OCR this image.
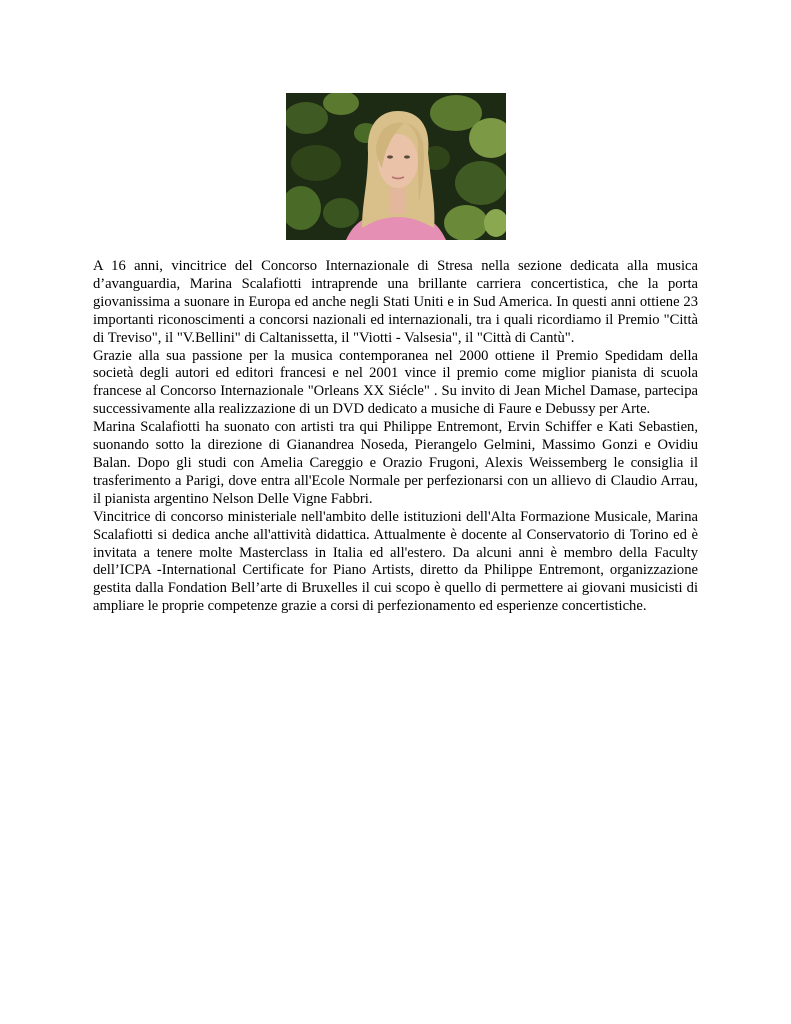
A 16 anni, vincitrice del Concorso Internazionale di Stresa nella sezione dedicata alla musica d’avanguardia, Marina Scalafiotti intraprende una brillante carriera concertistica, che la porta giovanissima a suonare in Europa ed anche negli Stati Uniti e in Sud America. In questi anni ottiene 23 importanti riconoscimenti a concorsi nazionali ed internazionali, tra i quali ricordiamo il Premio "Città di Treviso", il "V.Bellini" di Caltanissetta, il "Viotti - Valsesia", il "Città di Cantù".

Grazie alla sua passione per la musica contemporanea nel 2000 ottiene il Premio Spedidam della società degli autori ed editori francesi e nel 2001 vince il premio come miglior pianista di scuola francese al Concorso Internazionale "Orleans XX Siécle" . Su invito di Jean Michel Damase, partecipa successivamente alla realizzazione di un DVD dedicato a musiche di Faure e Debussy per Arte.

Marina Scalafiotti ha suonato con artisti tra qui Philippe Entremont, Ervin Schiffer e Kati Sebastien, suonando sotto la direzione di Gianandrea Noseda, Pierangelo Gelmini, Massimo Gonzi e Ovidiu Balan. Dopo gli studi con Amelia Careggio e Orazio Frugoni, Alexis Weissemberg le consiglia il trasferimento a Parigi, dove entra all'Ecole Normale per perfezionarsi con un allievo di Claudio Arrau, il pianista argentino Nelson Delle Vigne Fabbri.

Vincitrice di concorso ministeriale nell'ambito delle istituzioni dell'Alta Formazione Musicale, Marina Scalafiotti si dedica anche all'attività didattica. Attualmente è docente al Conservatorio di Torino ed è invitata a tenere molte Masterclass in Italia ed all'estero. Da alcuni anni è membro della Faculty dell’ICPA -International Certificate for Piano Artists, diretto da Philippe Entremont, organizzazione gestita dalla Fondation Bell’arte di Bruxelles il cui scopo è quello di permettere ai giovani musicisti di ampliare le proprie competenze grazie a corsi di perfezionamento ed esperienze concertistiche.
